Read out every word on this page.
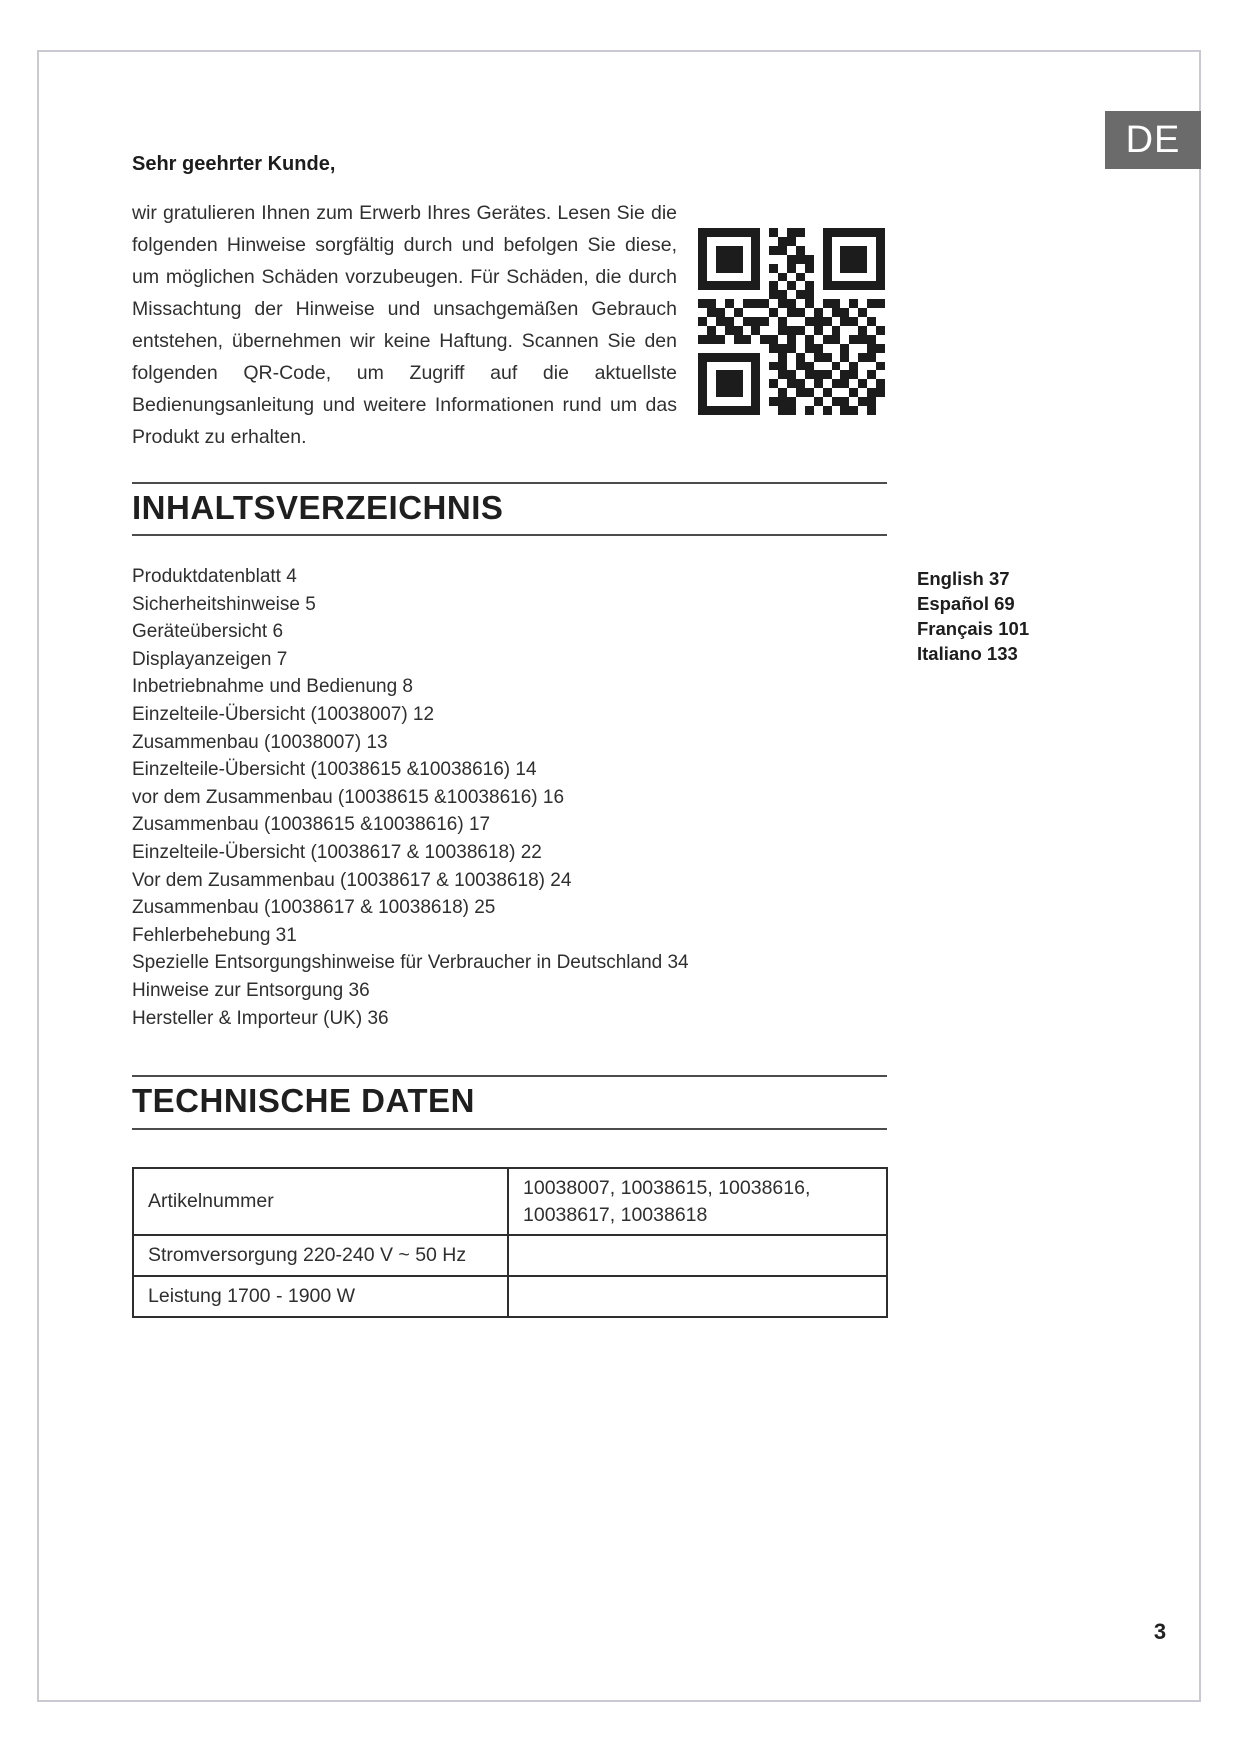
DE
Sehr geehrter Kunde,
wir gratulieren Ihnen zum Erwerb Ihres Gerätes. Lesen Sie die folgenden Hinweise sorgfältig durch und befolgen Sie diese, um möglichen Schäden vorzubeugen. Für Schäden, die durch Missachtung der Hinweise und unsachgemäßen Gebrauch entstehen, übernehmen wir keine Haftung. Scannen Sie den folgenden QR-Code, um Zugriff auf die aktuellste Bedienungsanleitung und weitere Informationen rund um das Produkt zu erhalten.
INHALTSVERZEICHNIS
Produktdatenblatt 4
Sicherheitshinweise 5
Geräteübersicht 6
Displayanzeigen 7
Inbetriebnahme und Bedienung 8
Einzelteile-Übersicht (10038007) 12
Zusammenbau (10038007) 13
Einzelteile-Übersicht (10038615 &10038616) 14
vor dem Zusammenbau (10038615 &10038616) 16
Zusammenbau (10038615 &10038616) 17
Einzelteile-Übersicht (10038617 & 10038618) 22
Vor dem Zusammenbau (10038617 & 10038618) 24
Zusammenbau (10038617 & 10038618) 25
Fehlerbehebung 31
Spezielle Entsorgungshinweise für Verbraucher in Deutschland 34
Hinweise zur Entsorgung 36
Hersteller & Importeur (UK) 36
English 37
Español 69
Français 101
Italiano 133
TECHNISCHE DATEN
Artikelnummer	10038007, 10038615, 10038616, 10038617, 10038618
Stromversorgung 220-240 V ~ 50 Hz	
Leistung 1700 - 1900 W	
3
